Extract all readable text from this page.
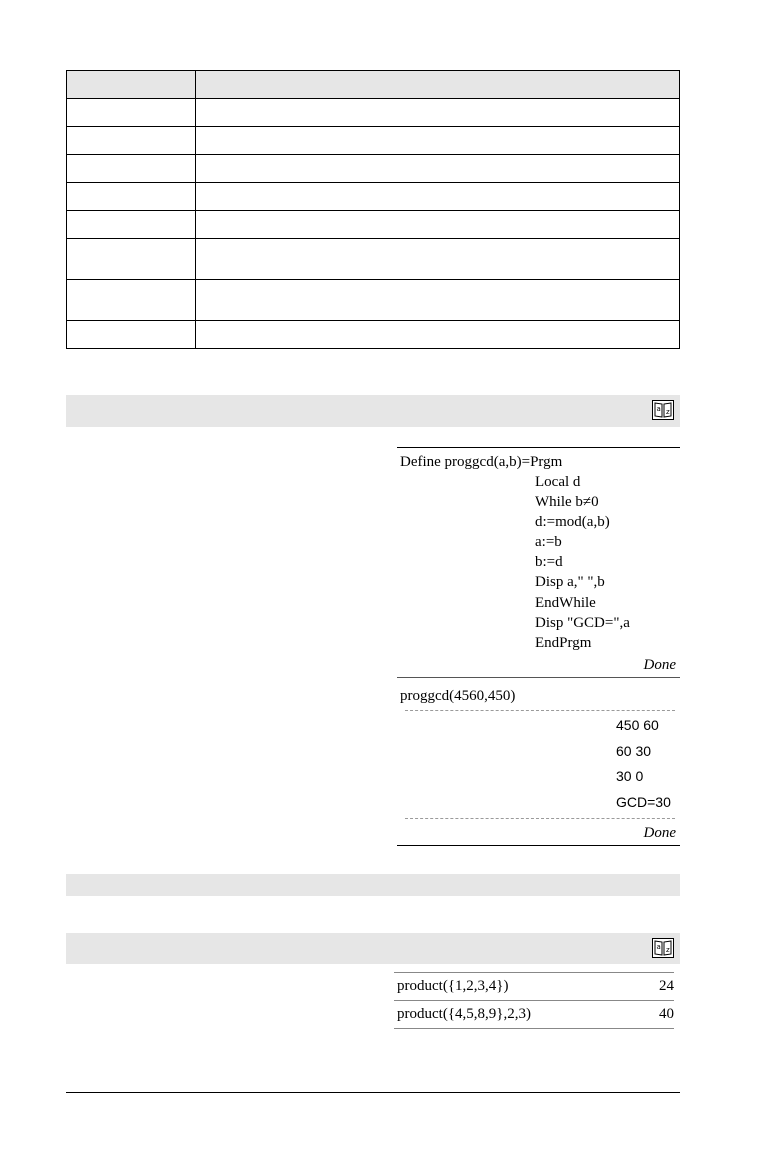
a z
Define proggcd(a,b)=Prgm
Local d
While b≠0
d:=mod(a,b)
a:=b
b:=d
Disp a," ",b
EndWhile
Disp "GCD=",a
EndPrgm
Done
proggcd(4560,450)
450 60
60 30
30 0
GCD=30
Done
a z
product({1,2,3,4})	24
product({4,5,8,9},2,3)	40
